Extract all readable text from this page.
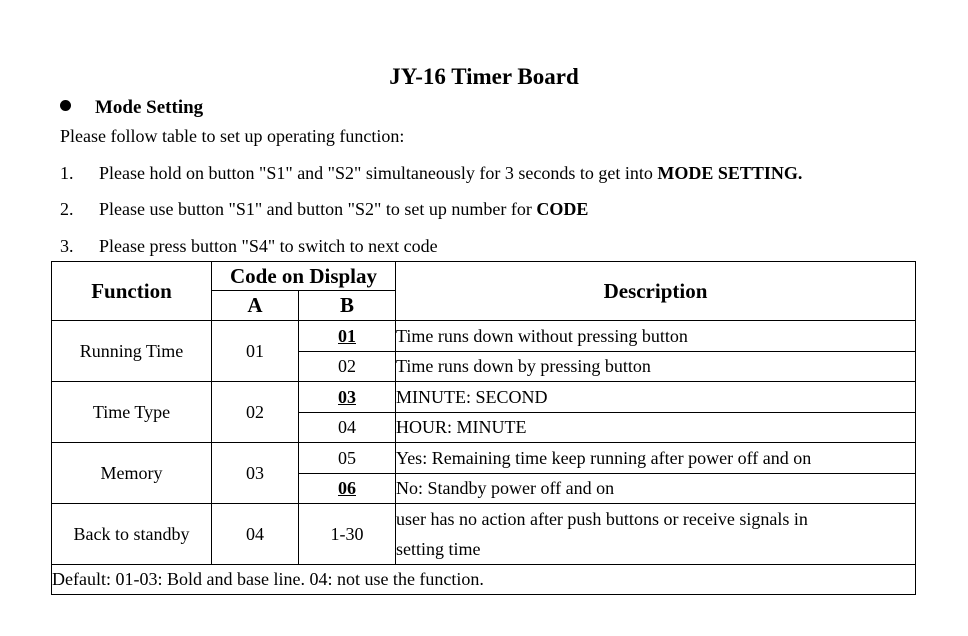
JY-16 Timer Board
Mode Setting
Please follow table to set up operating function:
1. Please hold on button "S1" and "S2" simultaneously for 3 seconds to get into MODE SETTING.
2. Please use button "S1" and button "S2" to set up number for CODE
3. Please press button "S4" to switch to next code
Function	Code on Display		Description
	A	B	
Running Time	01	01	Time runs down without pressing button
		02	Time runs down by pressing button
Time Type	02	03	MINUTE: SECOND
		04	HOUR: MINUTE
Memory	03	05	Yes: Remaining time keep running after power off and on
		06	No: Standby power off and on
Back to standby	04	1-30	user has no action after push buttons or receive signals in
setting time
Default: 01-03: Bold and base line. 04: not use the function.			
